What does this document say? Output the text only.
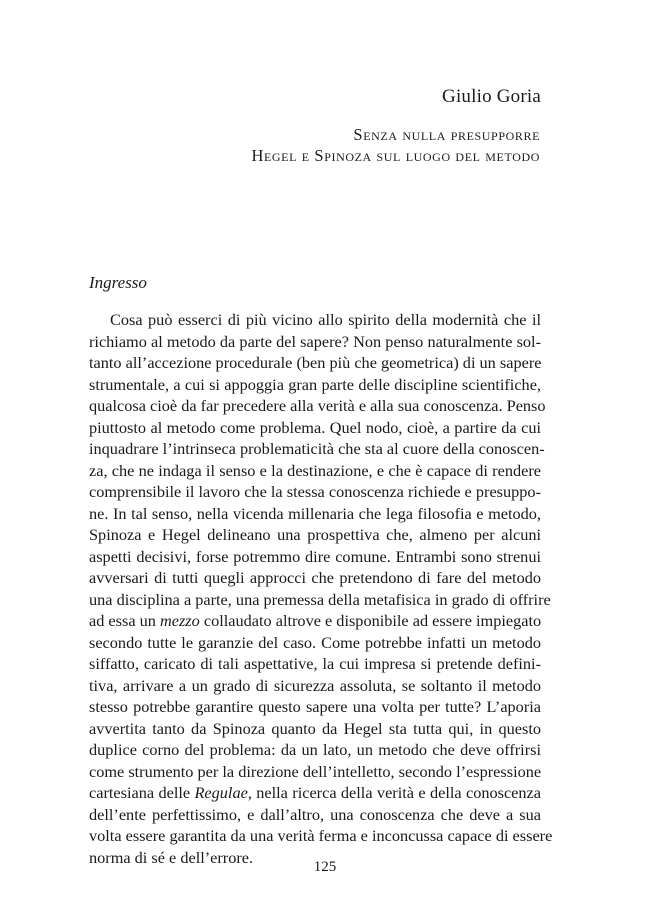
Giulio Goria
Senza nulla presupporre
Hegel e Spinoza sul luogo del metodo
Ingresso
Cosa può esserci di più vicino allo spirito della modernità che il
richiamo al metodo da parte del sapere? Non penso naturalmente sol-
tanto all’accezione procedurale (ben più che geometrica) di un sapere
strumentale, a cui si appoggia gran parte delle discipline scientifiche,
qualcosa cioè da far precedere alla verità e alla sua conoscenza. Penso
piuttosto al metodo come problema. Quel nodo, cioè, a partire da cui
inquadrare l’intrinseca problematicità che sta al cuore della conoscen-
za, che ne indaga il senso e la destinazione, e che è capace di rendere
comprensibile il lavoro che la stessa conoscenza richiede e presuppo-
ne. In tal senso, nella vicenda millenaria che lega filosofia e metodo,
Spinoza e Hegel delineano una prospettiva che, almeno per alcuni
aspetti decisivi, forse potremmo dire comune. Entrambi sono strenui
avversari di tutti quegli approcci che pretendono di fare del metodo
una disciplina a parte, una premessa della metafisica in grado di offrire
ad essa un mezzo collaudato altrove e disponibile ad essere impiegato
secondo tutte le garanzie del caso. Come potrebbe infatti un metodo
siffatto, caricato di tali aspettative, la cui impresa si pretende defini-
tiva, arrivare a un grado di sicurezza assoluta, se soltanto il metodo
stesso potrebbe garantire questo sapere una volta per tutte? L’aporia
avvertita tanto da Spinoza quanto da Hegel sta tutta qui, in questo
duplice corno del problema: da un lato, un metodo che deve offrirsi
come strumento per la direzione dell’intelletto, secondo l’espressione
cartesiana delle Regulae, nella ricerca della verità e della conoscenza
dell’ente perfettissimo, e dall’altro, una conoscenza che deve a sua
volta essere garantita da una verità ferma e inconcussa capace di essere
norma di sé e dell’errore.
125
